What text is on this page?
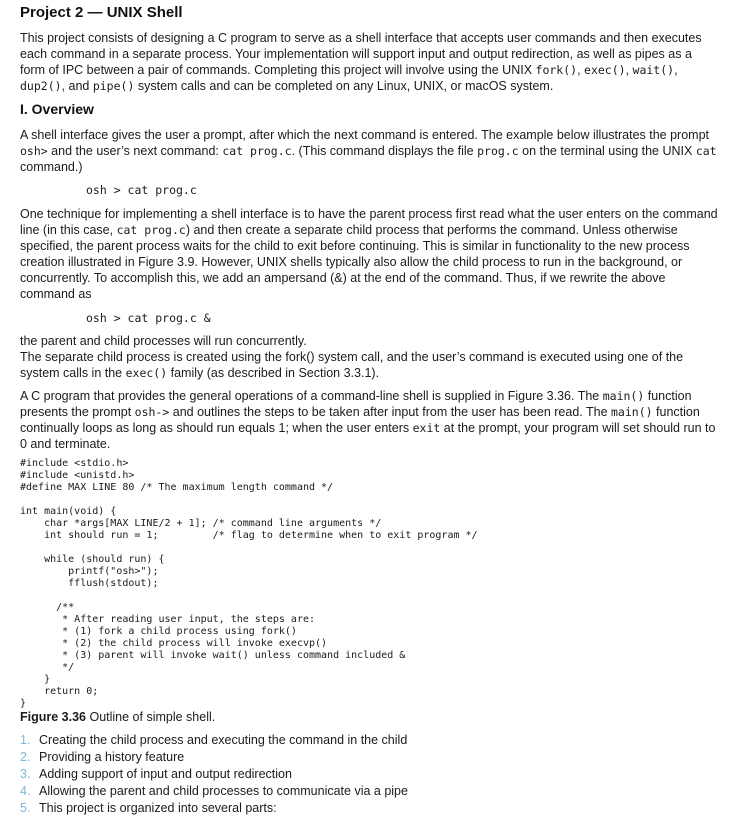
Project 2 — UNIX Shell

This project consists of designing a C program to serve as a shell interface that accepts user commands and then executes each command in a separate process. Your implementation will support input and output redirection, as well as pipes as a form of IPC between a pair of commands. Completing this project will involve using the UNIX fork(), exec(), wait(), dup2(), and pipe() system calls and can be completed on any Linux, UNIX, or macOS system.

I. Overview

A shell interface gives the user a prompt, after which the next command is entered. The example below illustrates the prompt osh> and the user’s next command: cat prog.c. (This command displays the file prog.c on the terminal using the UNIX cat command.)

osh > cat prog.c

One technique for implementing a shell interface is to have the parent process first read what the user enters on the command line (in this case, cat prog.c) and then create a separate child process that performs the command. Unless otherwise specified, the parent process waits for the child to exit before continuing. This is similar in functionality to the new process creation illustrated in Figure 3.9. However, UNIX shells typically also allow the child process to run in the background, or concurrently. To accomplish this, we add an ampersand (&) at the end of the command. Thus, if we rewrite the above command as

osh > cat prog.c &

the parent and child processes will run concurrently.
The separate child process is created using the fork() system call, and the user’s command is executed using one of the system calls in the exec() family (as described in Section 3.3.1).

A C program that provides the general operations of a command-line shell is supplied in Figure 3.36. The main() function presents the prompt osh-> and outlines the steps to be taken after input from the user has been read. The main() function continually loops as long as should run equals 1; when the user enters exit at the prompt, your program will set should run to 0 and terminate.

#include <stdio.h>
#include <unistd.h>
#define MAX LINE 80 /* The maximum length command */

int main(void) {
char *args[MAX LINE/2 + 1]; /* command line arguments */
int should run = 1;         /* flag to determine when to exit program */

while (should run) {
printf("osh>");
fflush(stdout);

/**
* After reading user input, the steps are:
* (1) fork a child process using fork()
* (2) the child process will invoke execvp()
* (3) parent will invoke wait() unless command included &
*/
}
return 0;
}
Figure 3.36 Outline of simple shell.
1. Creating the child process and executing the command in the child
2. Providing a history feature
3. Adding support of input and output redirection
4. Allowing the parent and child processes to communicate via a pipe
5. This project is organized into several parts:
